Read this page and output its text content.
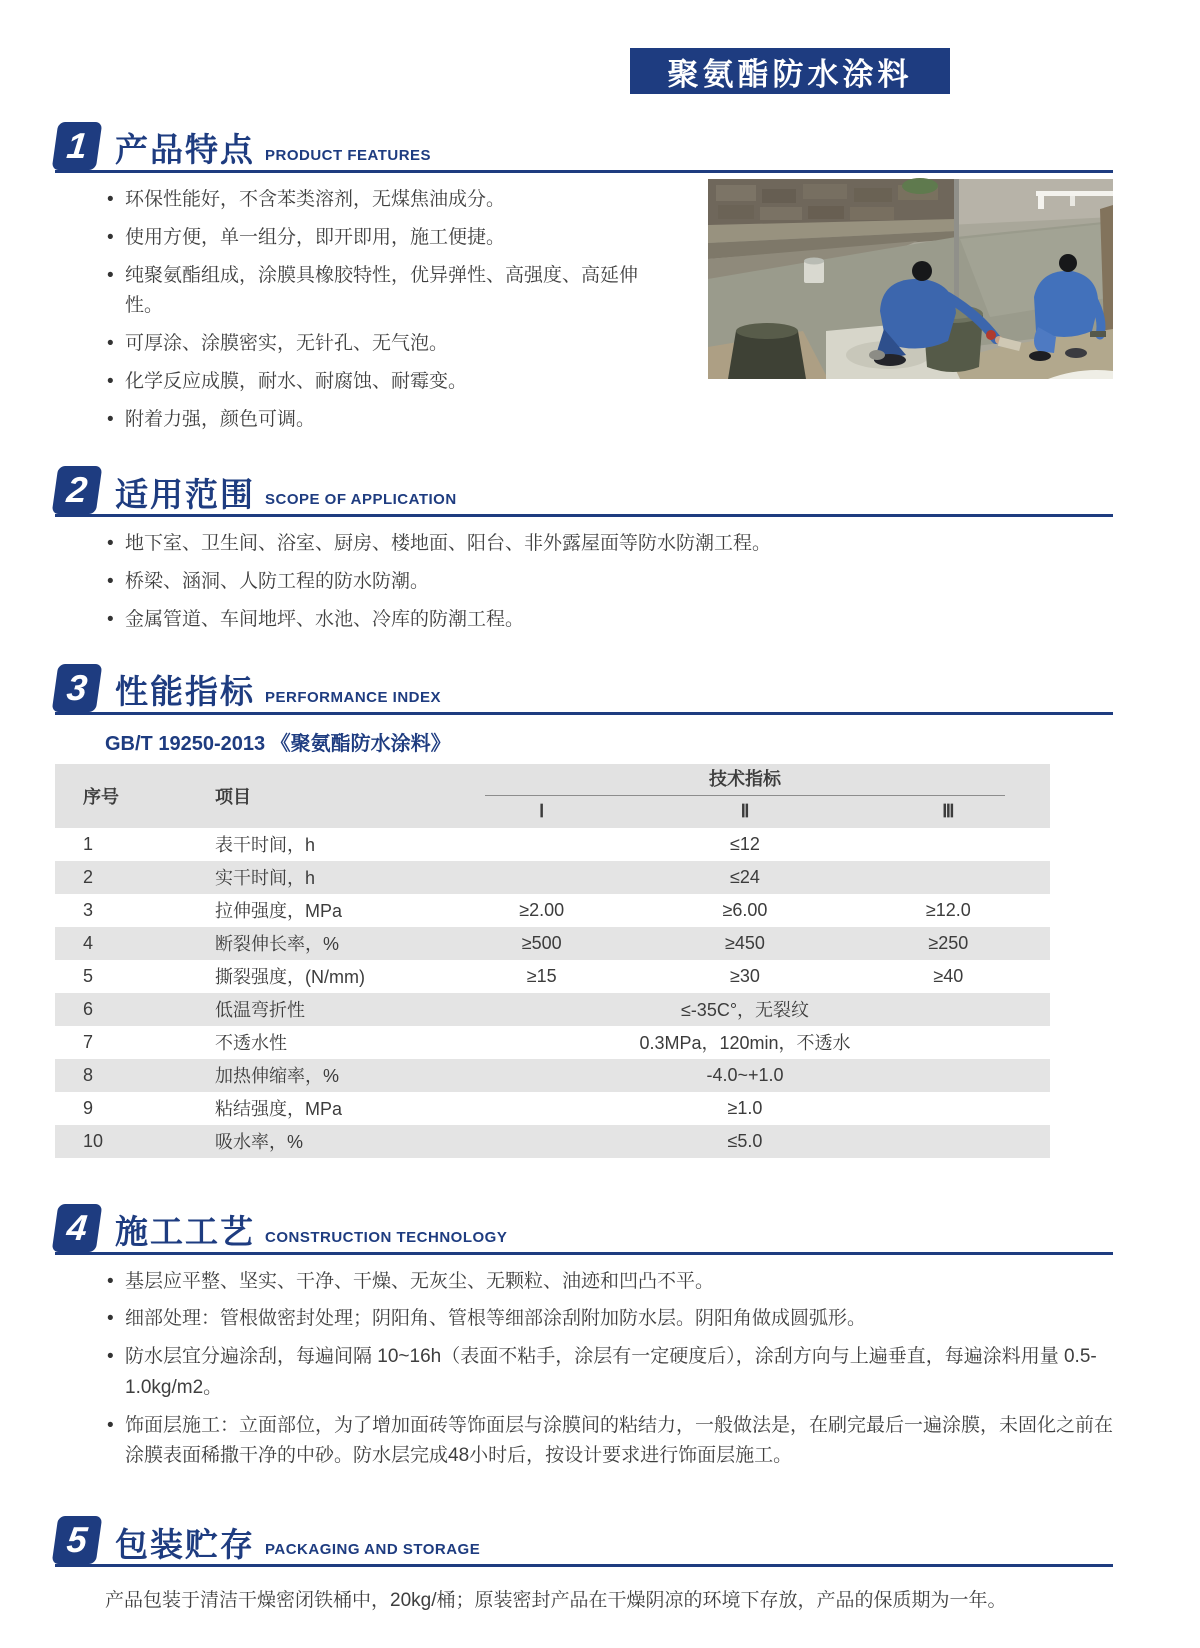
聚氨酯防水涂料
1 产品特点 PRODUCT FEATURES
• 环保性能好，不含苯类溶剂，无煤焦油成分。
• 使用方便，单一组分，即开即用，施工便捷。
• 纯聚氨酯组成，涂膜具橡胶特性，优异弹性、高强度、高延伸性。
• 可厚涂、涂膜密实，无针孔、无气泡。
• 化学反应成膜，耐水、耐腐蚀、耐霉变。
• 附着力强，颜色可调。
2 适用范围 SCOPE OF APPLICATION
• 地下室、卫生间、浴室、厨房、楼地面、阳台、非外露屋面等防水防潮工程。
• 桥梁、涵洞、人防工程的防水防潮。
• 金属管道、车间地坪、水池、冷库的防潮工程。
3 性能指标 PERFORMANCE INDEX
GB/T 19250-2013 《聚氨酯防水涂料》
序号	项目
技术指标
Ⅰ	Ⅱ	Ⅲ
1	表干时间，h	≤12
2	实干时间，h	≤24
3	拉伸强度，MPa	≥2.00	≥6.00	≥12.0
4	断裂伸长率，%	≥500	≥450	≥250
5	撕裂强度，(N/mm)	≥15	≥30	≥40
6	低温弯折性	≤-35C°，无裂纹
7	不透水性	0.3MPa，120min，不透水
8	加热伸缩率，%	-4.0~+1.0
9	粘结强度，MPa	≥1.0
10	吸水率，%	≤5.0
4 施工工艺 CONSTRUCTION TECHNOLOGY
• 基层应平整、坚实、干净、干燥、无灰尘、无颗粒、油迹和凹凸不平。
• 细部处理：管根做密封处理；阴阳角、管根等细部涂刮附加防水层。阴阳角做成圆弧形。
• 防水层宜分遍涂刮，每遍间隔 10~16h（表面不粘手，涂层有一定硬度后），涂刮方向与上遍垂直，每遍涂料用量 0.5-1.0kg/m2。
• 饰面层施工：立面部位，为了增加面砖等饰面层与涂膜间的粘结力，一般做法是，在刷完最后一遍涂膜，未固化之前在涂膜表面稀撒干净的中砂。防水层完成48小时后，按设计要求进行饰面层施工。
5 包装贮存 PACKAGING AND STORAGE
产品包装于清洁干燥密闭铁桶中，20kg/桶；原装密封产品在干燥阴凉的环境下存放，产品的保质期为一年。
